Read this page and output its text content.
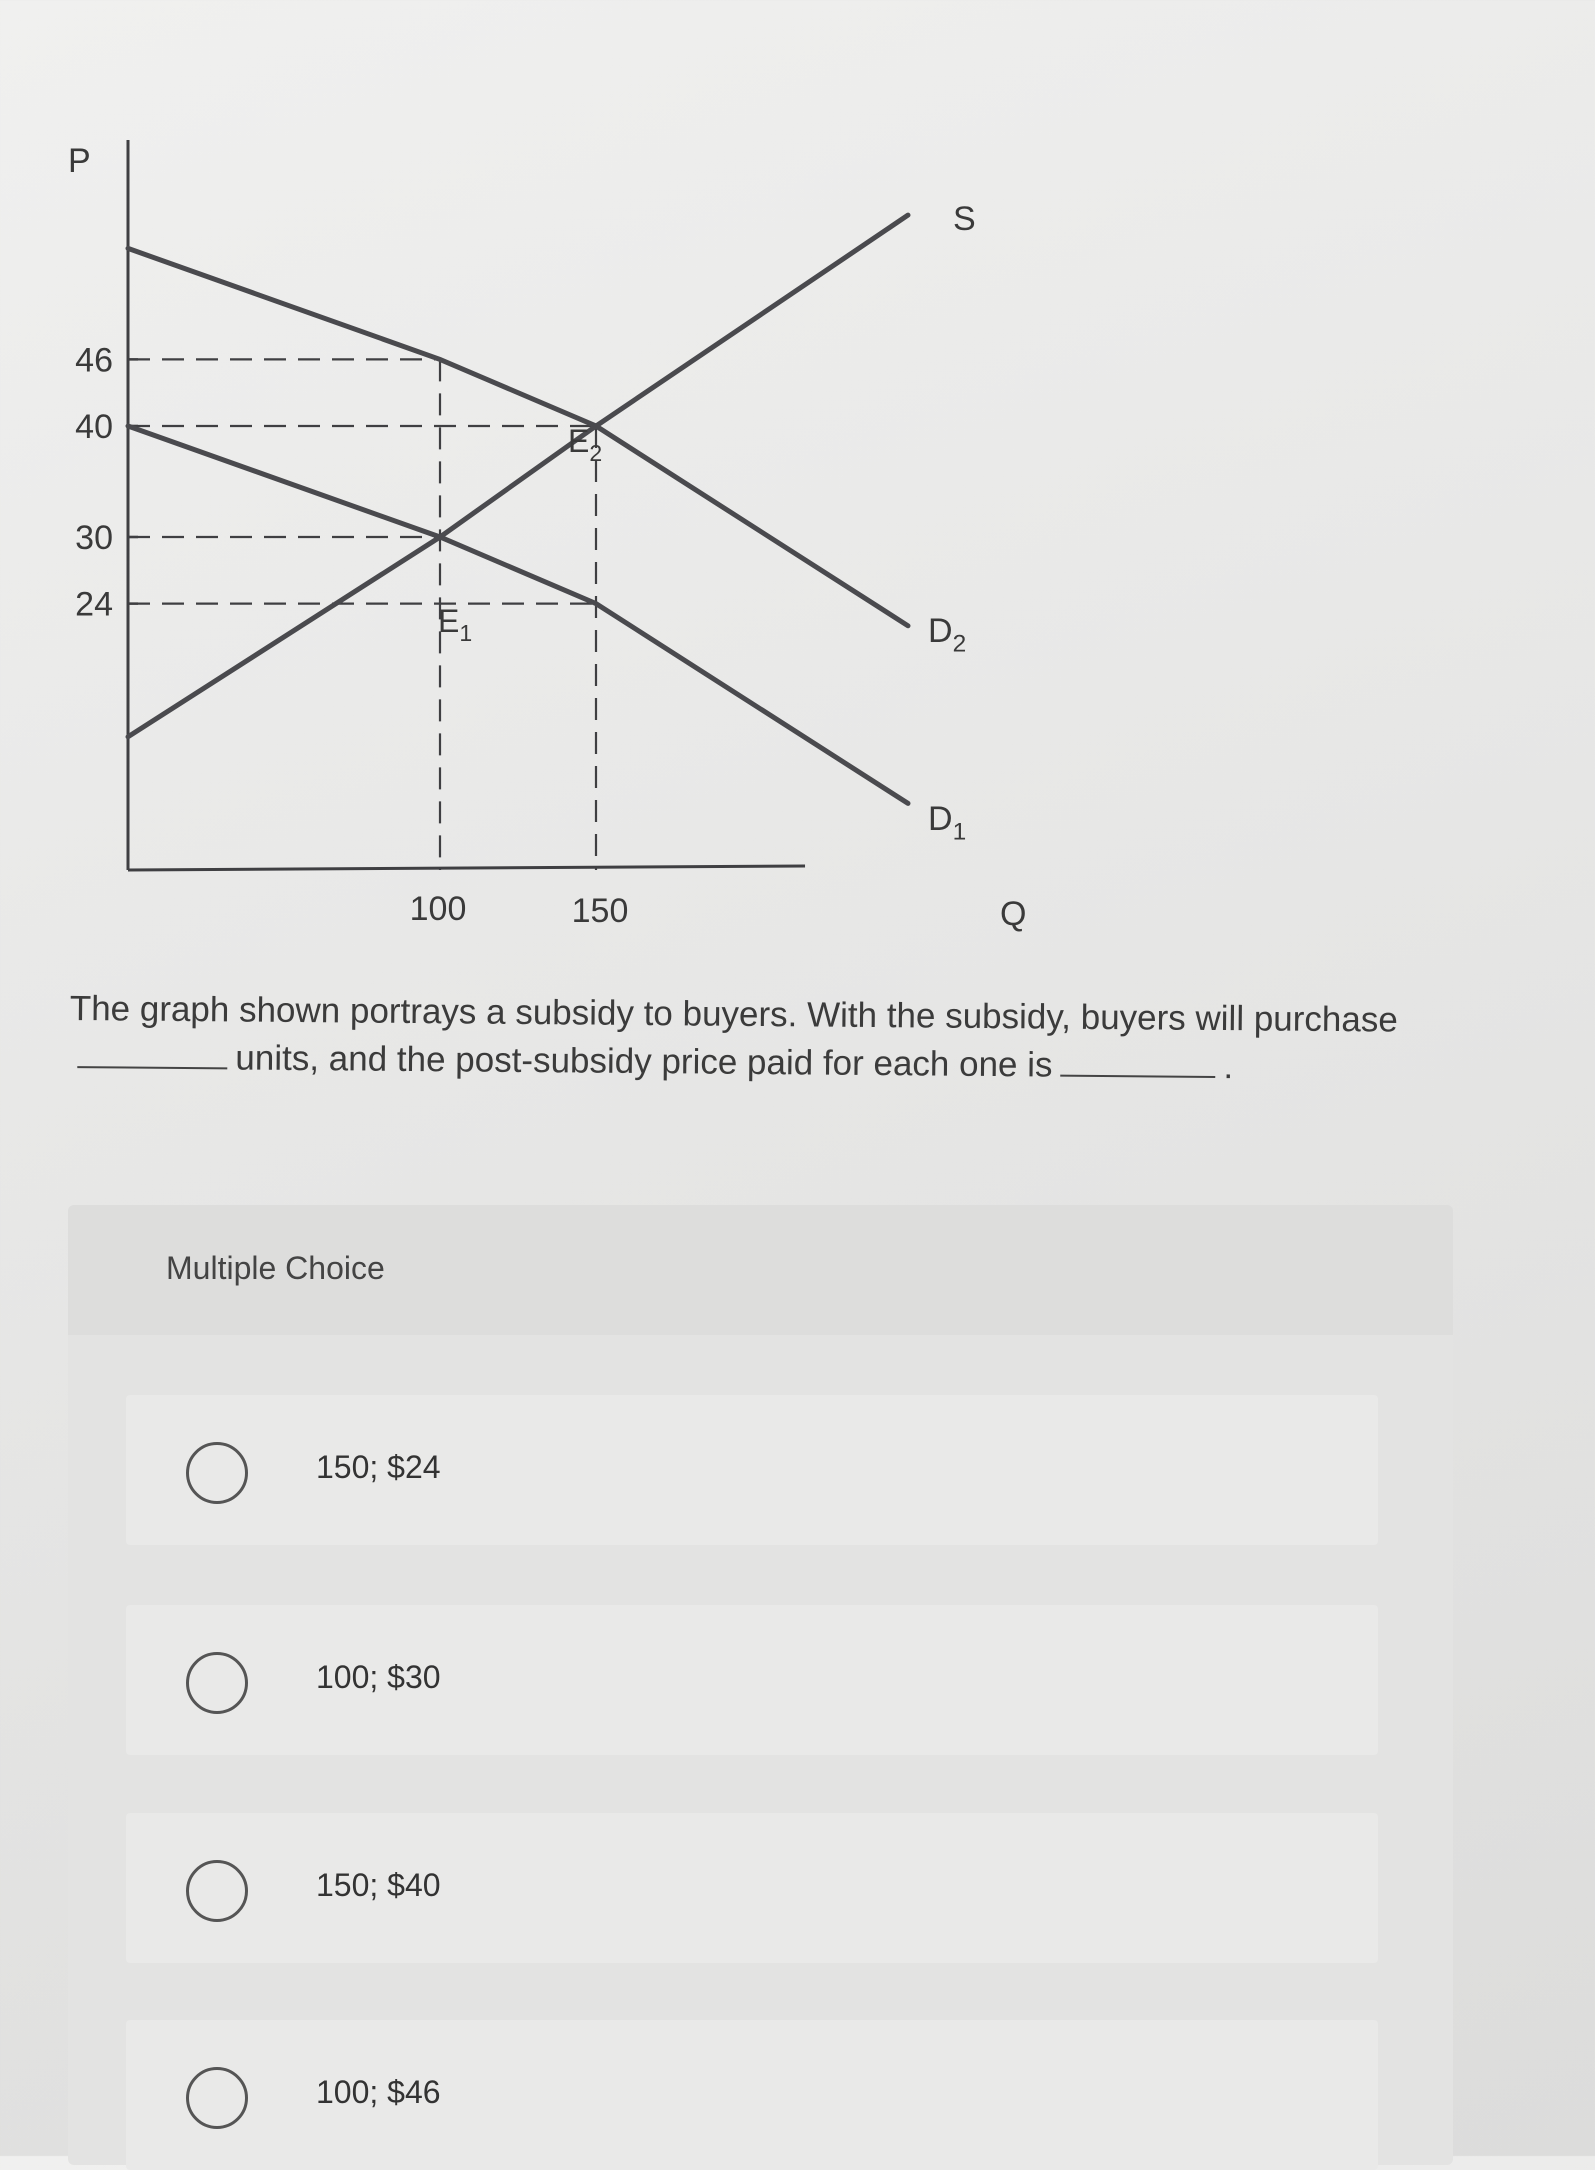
P
Q
S
$D_2$
$D_1$
$E_1$
$E_2$
46
40
30
24
100	150
The graph shown portrays a subsidy to buyers. With the subsidy, buyers will purchaseunits, and the post-subsidy price paid for each one is	.
Multiple Choice
150; $24
100; $30
150; $40
100; $46
